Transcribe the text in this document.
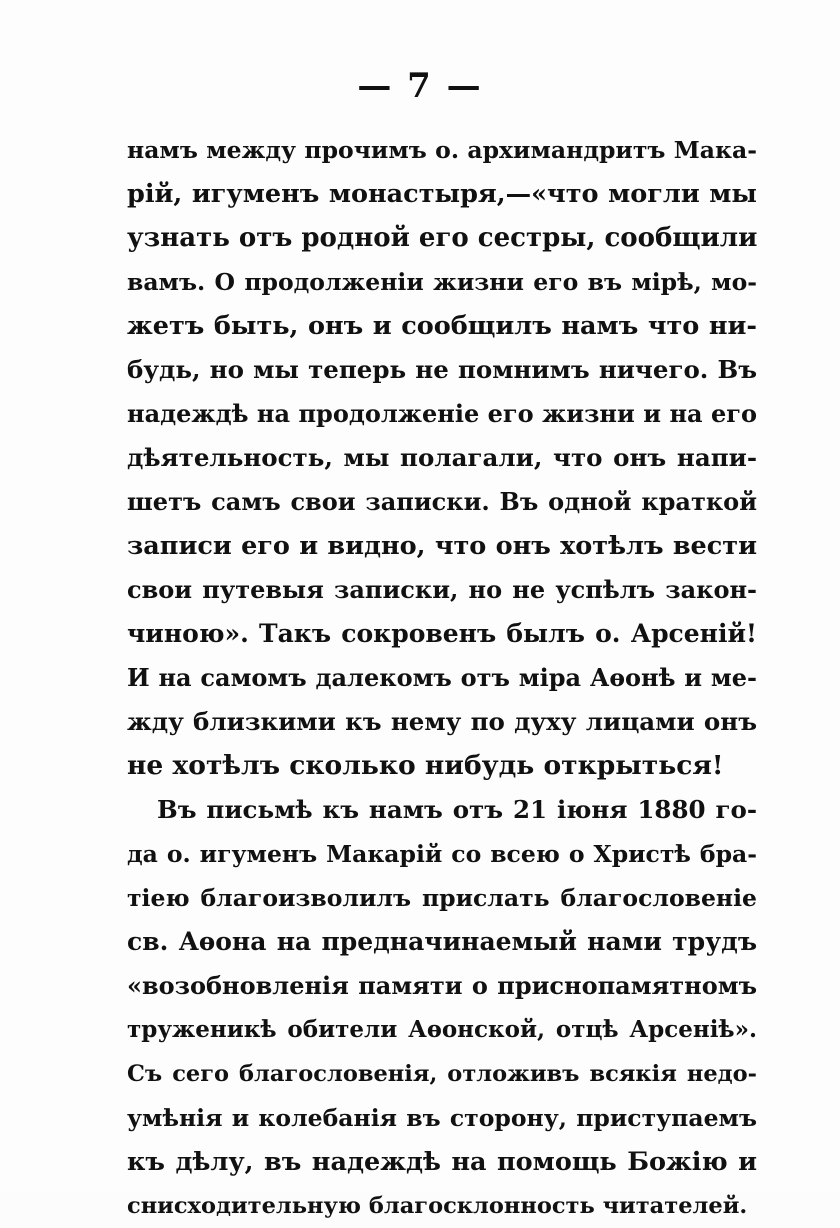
— 7 —
намъ между прочимъ о. архимандритъ Мака-
рій, игуменъ монастыря,—«что могли мы
узнать отъ родной его сестры, сообщили
вамъ. О продолженіи жизни его въ мірѣ, мо-
жетъ быть, онъ и сообщилъ намъ что ни-
будь, но мы теперь не помнимъ ничего. Въ
надеждѣ на продолженіе его жизни и на его
дѣятельность, мы полагали, что онъ напи-
шетъ самъ свои записки. Въ одной краткой
записи его и видно, что онъ хотѣлъ вести
свои путевыя записки, но не успѣлъ закон-
чиною». Такъ сокровенъ былъ о. Арсеній!
И на самомъ далекомъ отъ міра Аѳонѣ и ме-
жду близкими къ нему по духу лицами онъ
не хотѣлъ сколько нибудь открыться!
Въ письмѣ къ намъ отъ 21 іюня 1880 го-
да о. игуменъ Макарій со всею о Христѣ бра-
тіею благоизволилъ прислать благословеніе
св. Аѳона на предначинаемый нами трудъ
«возобновленія памяти о приснопамятномъ
труженикѣ обители Аѳонской, отцѣ Арсеніѣ».
Съ сего благословенія, отложивъ всякія недо-
умѣнія и колебанія въ сторону, приступаемъ
къ дѣлу, въ надеждѣ на помощь Божію и
снисходительную благосклонность читателей.
